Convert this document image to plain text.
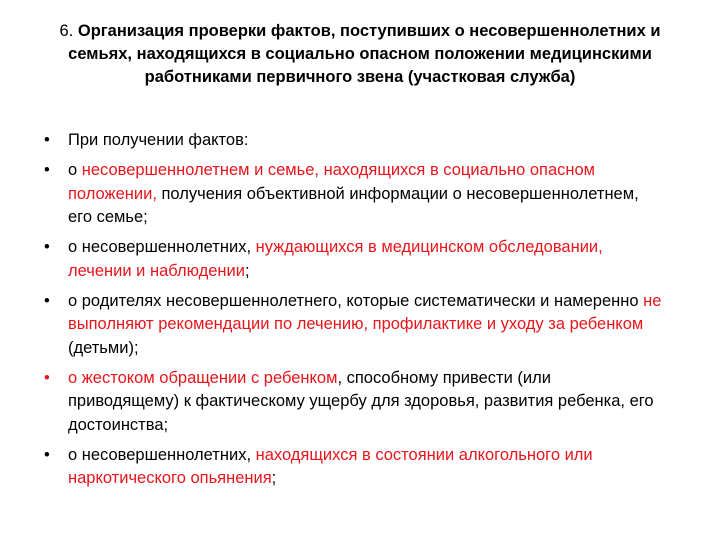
6. Организация проверки фактов, поступивших о несовершеннолетних и семьях, находящихся в социально опасном положении медицинскими работниками первичного звена (участковая служба)
• При получении фактов:
• о несовершеннолетнем и семье, находящихся в социально опасном положении, получения объективной информации о несовершеннолетнем, его семье;
• о несовершеннолетних, нуждающихся в медицинском обследовании, лечении и наблюдении;
• о родителях несовершеннолетнего, которые систематически и намеренно не выполняют рекомендации по лечению, профилактике и уходу за ребенком (детьми);
• о жестоком обращении с ребенком, способному привести (или приводящему) к фактическому ущербу для здоровья, развития ребенка, его достоинства;
• о несовершеннолетних, находящихся в состоянии алкогольного или наркотического опьянения;
